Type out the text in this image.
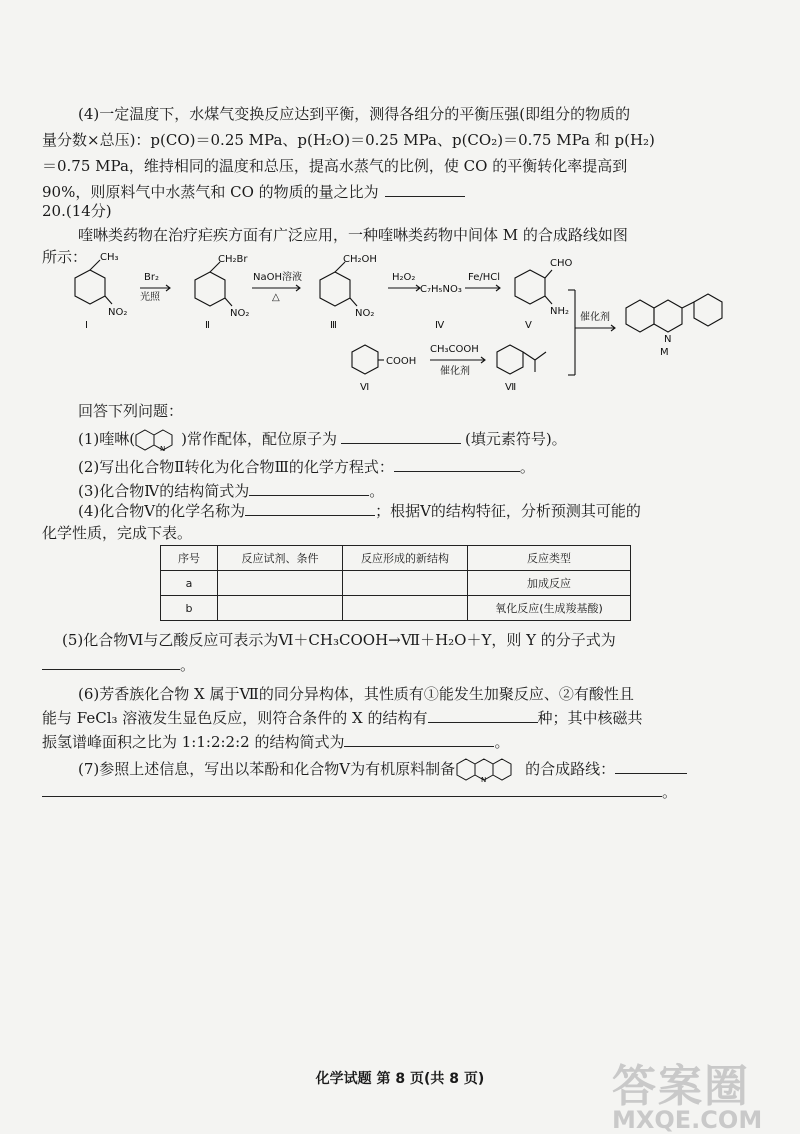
(4)一定温度下，水煤气变换反应达到平衡，测得各组分的平衡压强(即组分的物质的
量分数×总压)：p(CO)＝0.25 MPa、p(H₂O)＝0.25 MPa、p(CO₂)＝0.75 MPa 和 p(H₂)
＝0.75 MPa，维持相同的温度和总压，提高水蒸气的比例，使 CO 的平衡转化率提高到
90%，则原料气中水蒸气和 CO 的物质的量之比为
20.(14分)
喹啉类药物在治疗疟疾方面有广泛应用，一种喹啉类药物中间体 M 的合成路线如图
所示：	CH₃
NO₂
Br₂
光照
CH₂Br
NO₂
NaOH溶液
△
CH₂OH
NO₂
H₂O₂
C₇H₅NO₃
Fe/HCl
CHO
NH₂
催化剂
N
COOH
CH₃COOH
催化剂
Ⅰ	Ⅱ	Ⅲ	Ⅳ	Ⅴ
Ⅵ	Ⅶ
M
回答下列问题：
(1)喹啉(
N
)常作配体，配位原子为	(填元素符号)。
(2)写出化合物Ⅱ转化为化合物Ⅲ的化学方程式：	。
(3)化合物Ⅳ的结构简式为	。
(4)化合物Ⅴ的化学名称为	；根据Ⅴ的结构特征，分析预测其可能的
化学性质，完成下表。
序号	反应试剂、条件	反应形成的新结构	反应类型
a			加成反应
b			氧化反应(生成羧基酸)
(5)化合物Ⅵ与乙酸反应可表示为Ⅵ＋CH₃COOH→Ⅶ＋H₂O＋Y，则 Y 的分子式为
。
(6)芳香族化合物 X 属于Ⅶ的同分异构体，其性质有①能发生加聚反应、②有酸性且
能与 FeCl₃ 溶液发生显色反应，则符合条件的 X 的结构有	种；其中核磁共
振氢谱峰面积之比为 1:1:2:2:2 的结构简式为	。
(7)参照上述信息，写出以苯酚和化合物Ⅴ为有机原料制备
N
的合成路线：
。
化学试题 第 8 页(共 8 页)	答案圈
MXQE.COM
